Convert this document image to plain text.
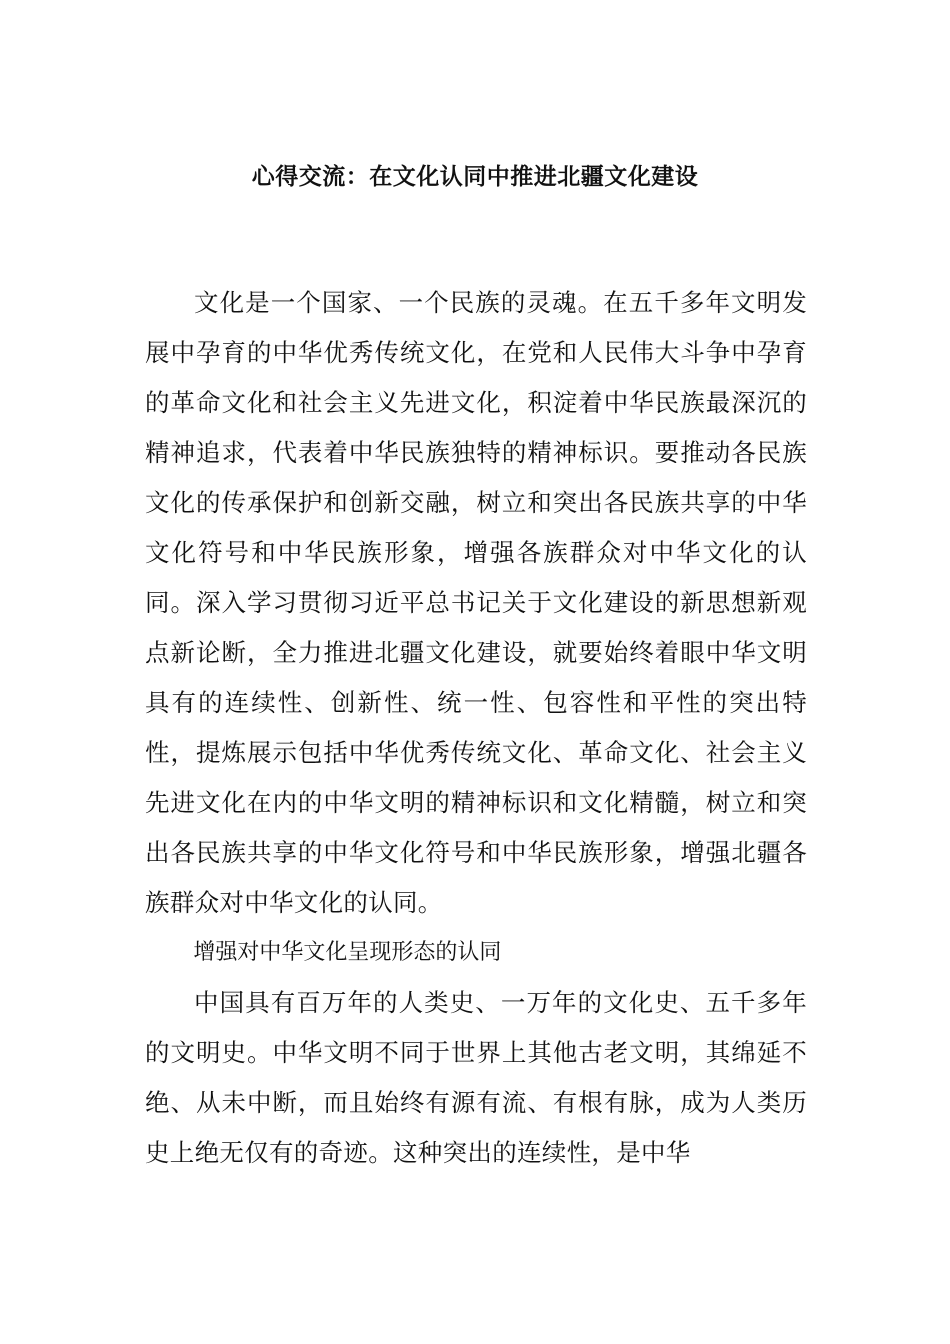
心得交流：在文化认同中推进北疆文化建设

文化是一个国家、一个民族的灵魂。在五千多年文明发展中孕育的中华优秀传统文化，在党和人民伟大斗争中孕育的革命文化和社会主义先进文化，积淀着中华民族最深沉的精神追求，代表着中华民族独特的精神标识。要推动各民族文化的传承保护和创新交融，树立和突出各民族共享的中华文化符号和中华民族形象，增强各族群众对中华文化的认同。深入学习贯彻习近平总书记关于文化建设的新思想新观点新论断，全力推进北疆文化建设，就要始终着眼中华文明具有的连续性、创新性、统一性、包容性和平性的突出特性，提炼展示包括中华优秀传统文化、革命文化、社会主义先进文化在内的中华文明的精神标识和文化精髓，树立和突出各民族共享的中华文化符号和中华民族形象，增强北疆各族群众对中华文化的认同。

增强对中华文化呈现形态的认同

中国具有百万年的人类史、一万年的文化史、五千多年的文明史。中华文明不同于世界上其他古老文明，其绵延不绝、从未中断，而且始终有源有流、有根有脉，成为人类历史上绝无仅有的奇迹。这种突出的连续性，是中华
